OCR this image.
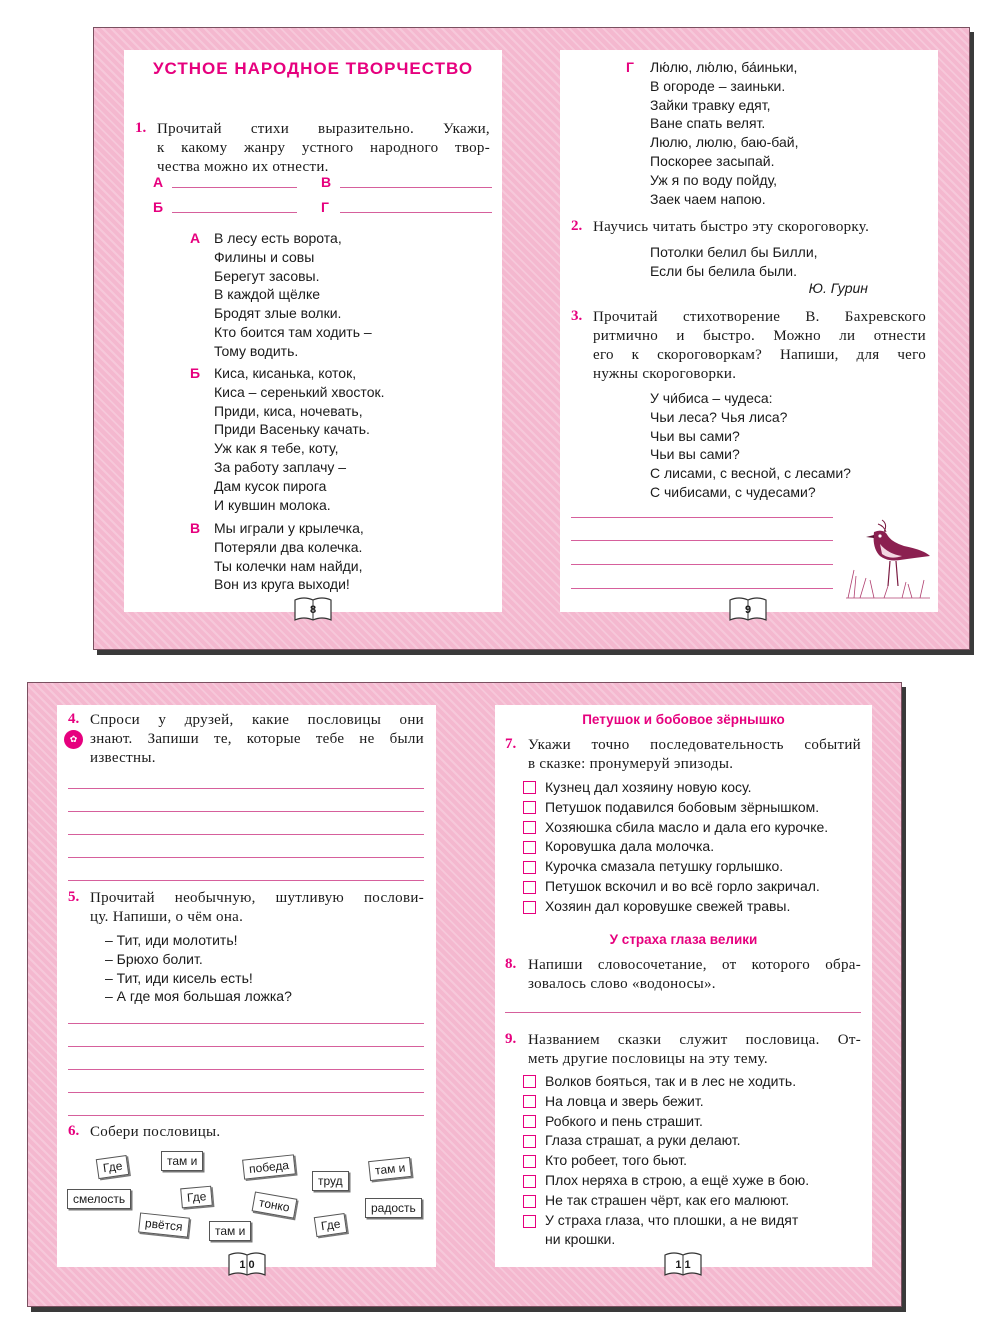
УСТНОЕ НАРОДНОЕ ТВОРЧЕСТВО
1. Прочитай стихи выразительно. Укажи,
к какому жанру устного народного твор-
чества можно их отнести.
А	В
Б	Г
А В лесу есть ворота,
Филины и совы
Берегут засовы.
В каждой щёлке
Бродят злые волки.
Кто боится там ходить –
Тому водить.
Б Киса, кисанька, коток,
Киса – серенький хвосток.
Приди, киса, ночевать,
Приди Васеньку качать.
Уж как я тебе, коту,
За работу заплачу –
Дам кусок пирога
И кувшин молока.
В Мы играли у крылечка,
Потеряли два колечка.
Ты колечки нам найди,
Вон из круга выходи!
8
Г Лю́лю, лю́лю, ба́иньки,
В огороде – заиньки.
Зайки травку едят,
Ване спать велят.
Люлю, люлю, баю-бай,
Поскорее засыпай.
Уж я по воду пойду,
Заек чаем напою.
2. Научись читать быстро эту скороговорку.
Потолки белил бы Билли,
Если бы белила были.
Ю. Гурин
3. Прочитай стихотворение В. Бахревского
ритмично и быстро. Можно ли отнести
его к скороговоркам? Напиши, для чего
нужны скороговорки.
У чи́биса – чудеса:
Чьи леса? Чья лиса?
Чьи вы сами?
Чьи вы сами?
С лисами, с весной, с лесами?
С чибисами, с чудесами?
9
4.
✿
Спроси у друзей, какие пословицы они
знают. Запиши те, которые тебе не были
известны.
5. Прочитай необычную, шутливую послови-
цу. Напиши, о чём она.
– Тит, иди молотить!
– Брюхо болит.
– Тит, иди кисель есть!
– А где моя большая ложка?
6. Собери пословицы.
Где	там и	победа
труд
там и
смелость	Где	тонко	радость
рвётся	там и	Где
1 0
Петушок и бобовое зёрнышко
7. Укажи точно последовательность событий
в сказке: пронумеруй эпизоды.
Кузнец дал хозяину новую косу.
Петушок подавился бобовым зёрнышком.
Хозяюшка сбила масло и дала его курочке.
Коровушка дала молочка.
Курочка смазала петушку горлышко.
Петушок вскочил и во всё горло закричал.
Хозяин дал коровушке свежей травы.
У страха глаза велики
8. Напиши словосочетание, от которого обра-
зовалось слово «водоносы».
9. Названием сказки служит пословица. От-
меть другие пословицы на эту тему.
Волков бояться, так и в лес не ходить.
На ловца и зверь бежит.
Робкого и пень страшит.
Глаза страшат, а руки делают.
Кто робеет, того бьют.
Плох неряха в строю, а ещё хуже в бою.
Не так страшен чёрт, как его малюют.
У страха глаза, что плошки, а не видят
ни крошки.
1 1
